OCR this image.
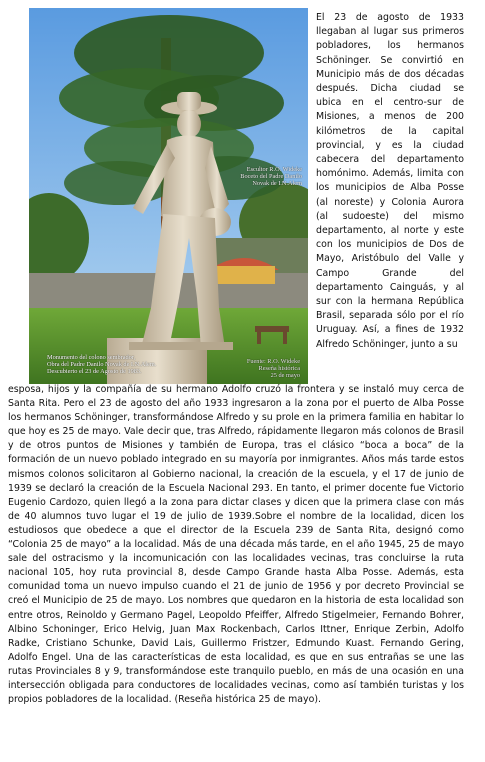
Escultor R.O. Wideke
Boceto del Padre Danilo
Novak de I.N.Alem
Monumento del colono sembrador,
Obra del Padre Danilo Novak de I.N.Alem.
Descubierto el 23 de Agosto de 1983.
Fuente: R.O. Wideke
Reseña histórica
25 de mayo

El 23 de agosto de 1933 llegaban al lugar sus primeros pobladores, los hermanos Schöninger. Se convirtió en Municipio más de dos décadas después. Dicha ciudad se ubica en el centro-sur de Misiones, a menos de 200 kilómetros de la capital provincial, y es la ciudad cabecera del departamento homónimo. Además, limita con los municipios de Alba Posse (al noreste) y Colonia Aurora (al sudoeste) del mismo departamento, al norte y este con los municipios de Dos de Mayo, Aristóbulo del Valle y Campo Grande del departamento Cainguás, y al sur con la hermana República Brasil, separada sólo por el río Uruguay. Así, a fines de 1932 Alfredo Schöninger, junto a su

esposa, hijos y la compañía de su hermano Adolfo cruzó la frontera y se instaló muy cerca de Santa Rita. Pero el 23 de agosto del año 1933 ingresaron a la zona por el puerto de Alba Posse los hermanos Schöninger, transformándose Alfredo y su prole en la primera familia en habitar lo que hoy es 25 de mayo. Vale decir que, tras Alfredo, rápidamente llegaron más colonos de Brasil y de otros puntos de Misiones y también de Europa, tras el clásico “boca a boca” de la formación de un nuevo poblado integrado en su mayoría por inmigrantes. Años más tarde estos mismos colonos solicitaron al Gobierno nacional, la creación de la escuela, y el 17 de junio de 1939 se declaró la creación de la Escuela Nacional 293. En tanto, el primer docente fue Victorio Eugenio Cardozo, quien llegó a la zona para dictar clases y dicen que la primera clase con más de 40 alumnos tuvo lugar el 19 de julio de 1939.Sobre el nombre de la localidad, dicen los estudiosos que obedece a que el director de la Escuela 239 de Santa Rita, designó como “Colonia 25 de mayo” a la localidad. Más de una década más tarde, en el año 1945, 25 de mayo sale del ostracismo y la incomunicación con las localidades vecinas, tras concluirse la ruta nacional 105, hoy ruta provincial 8, desde Campo Grande hasta Alba Posse. Además, esta comunidad toma un nuevo impulso cuando el 21 de junio de 1956 y por decreto Provincial se creó el Municipio de 25 de mayo. Los nombres que quedaron en la historia de esta localidad son entre otros, Reinoldo y Germano Pagel, Leopoldo Pfeiffer, Alfredo Stigelmeier, Fernando Bohrer, Albino Schoninger, Erico Helvig, Juan Max Rockenbach, Carlos Ittner, Enrique Zerbin, Adolfo Radke, Cristiano Schunke, David Lais, Guillermo Fristzer, Edmundo Kuast. Fernando Gering, Adolfo Engel. Una de las características de esta localidad, es que en sus entrañas se une las rutas Provinciales 8 y 9, transformándose este tranquilo pueblo, en más de una ocasión en una intersección obligada para conductores de localidades vecinas, como así también turistas y los propios pobladores de la localidad. (Reseña histórica 25 de mayo).
